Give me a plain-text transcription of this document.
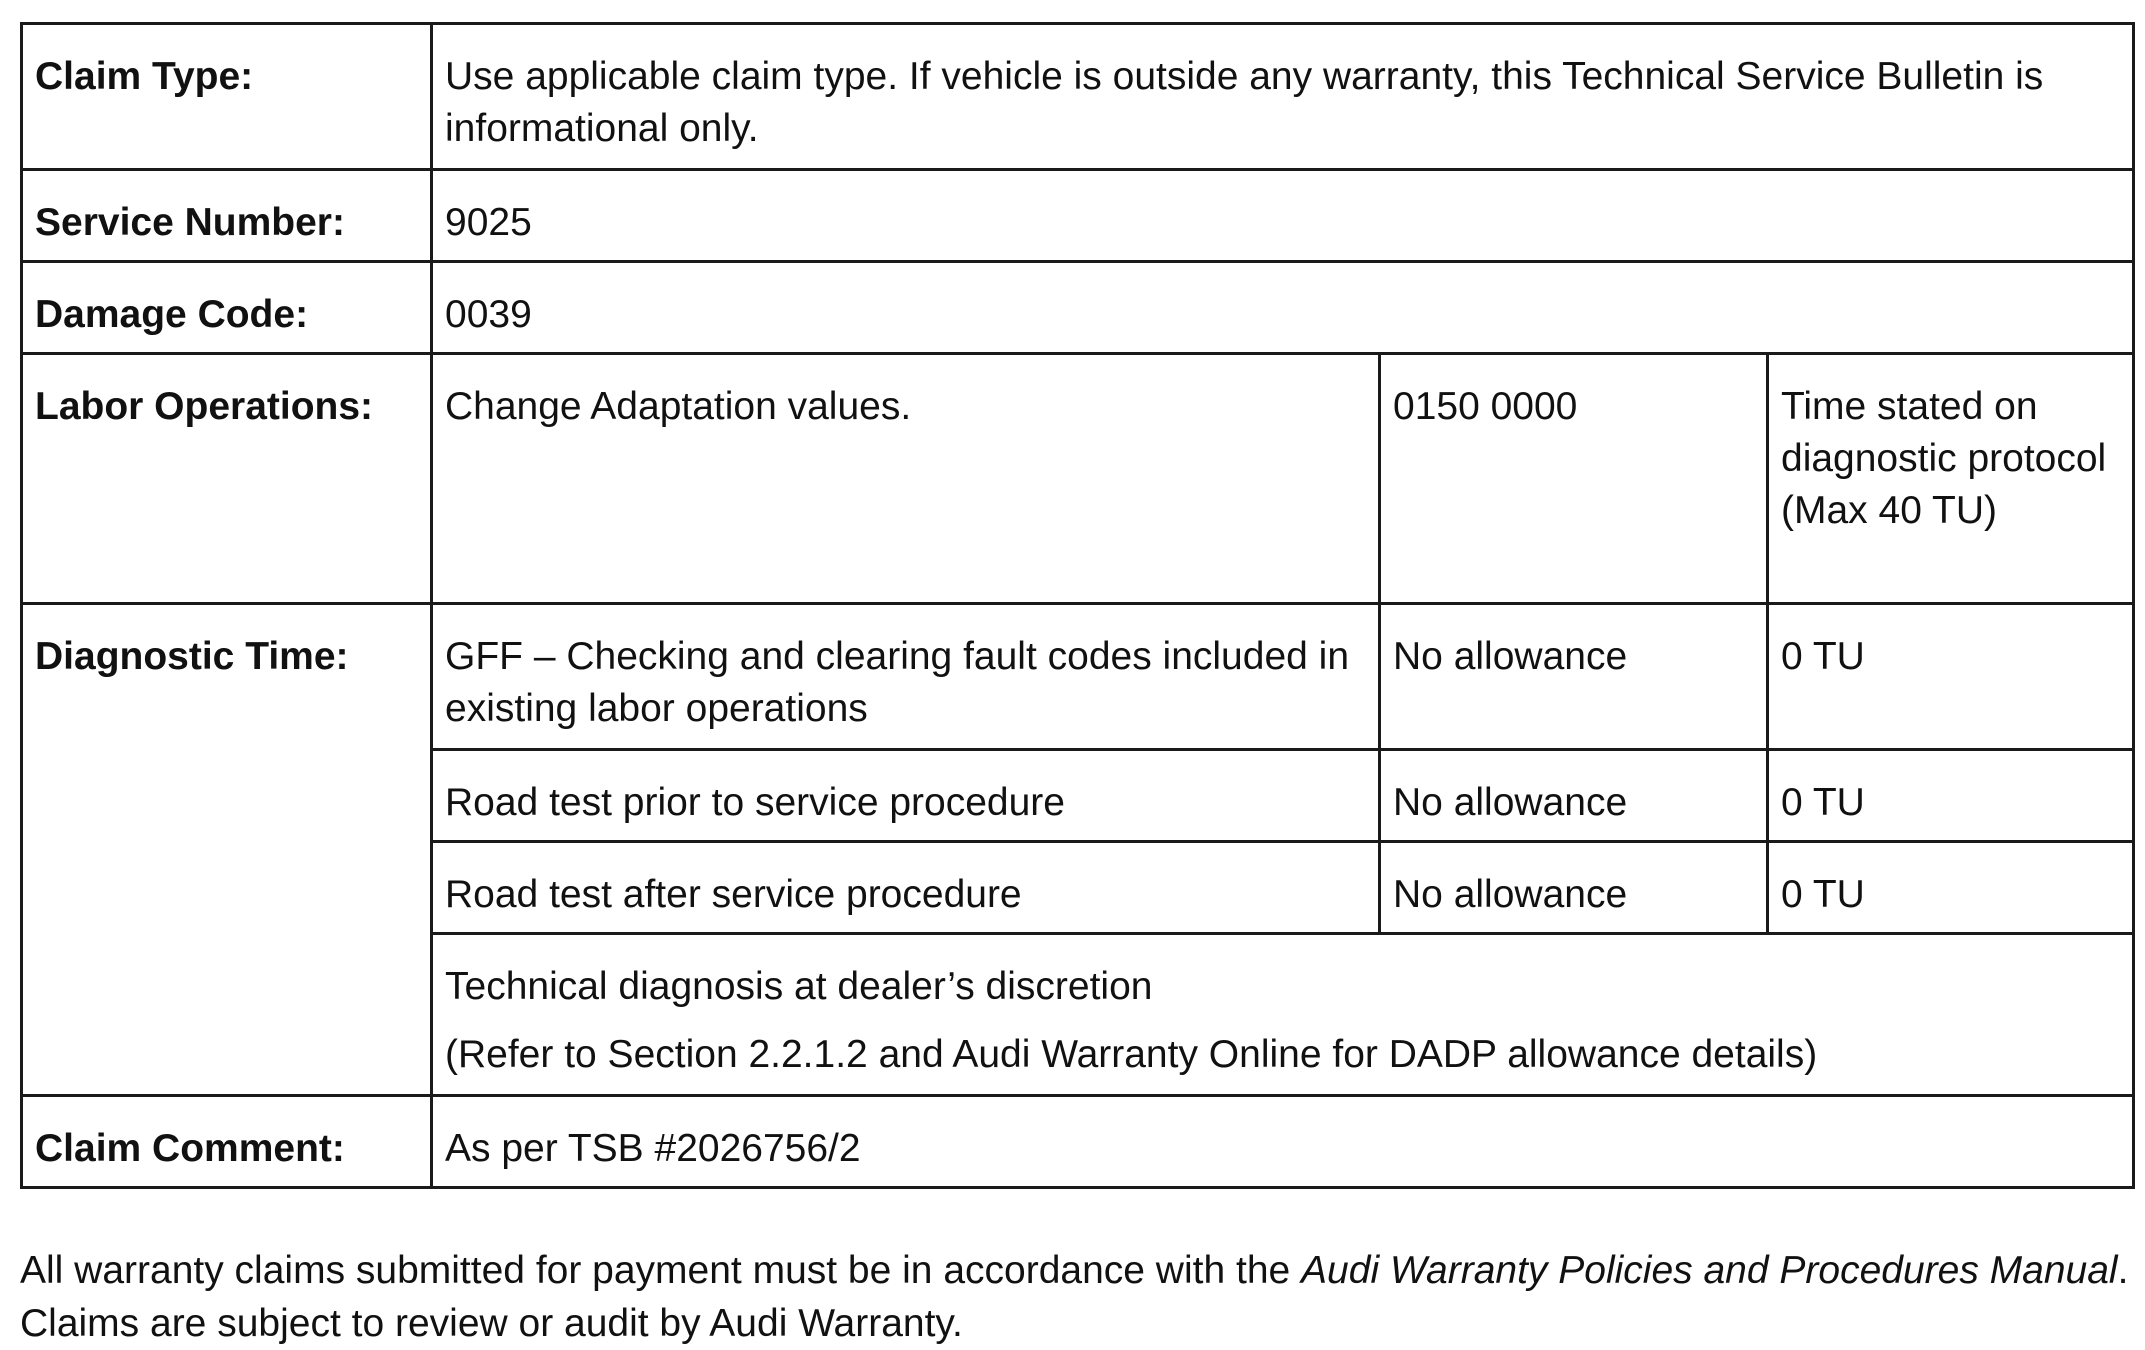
Claim Type:	Use applicable claim type. If vehicle is outside any warranty, this Technical Service Bulletin is informational only.		
Service Number:	9025		
Damage Code:	0039		
Labor Operations:	Change Adaptation values.	0150 0000	Time stated on diagnostic protocol (Max 40 TU)
Diagnostic Time:	GFF – Checking and clearing fault codes included in existing labor operations	No allowance	0 TU
	Road test prior to service procedure	No allowance	0 TU
	Road test after service procedure	No allowance	0 TU

	Technical diagnosis at dealer’s discretion
(Refer to Section 2.2.1.2 and Audi Warranty Online for DADP allowance details)		

Claim Comment:	As per TSB #2026756/2		

All warranty claims submitted for payment must be in accordance with the Audi Warranty Policies and Procedures Manual. Claims are subject to review or audit by Audi Warranty.
